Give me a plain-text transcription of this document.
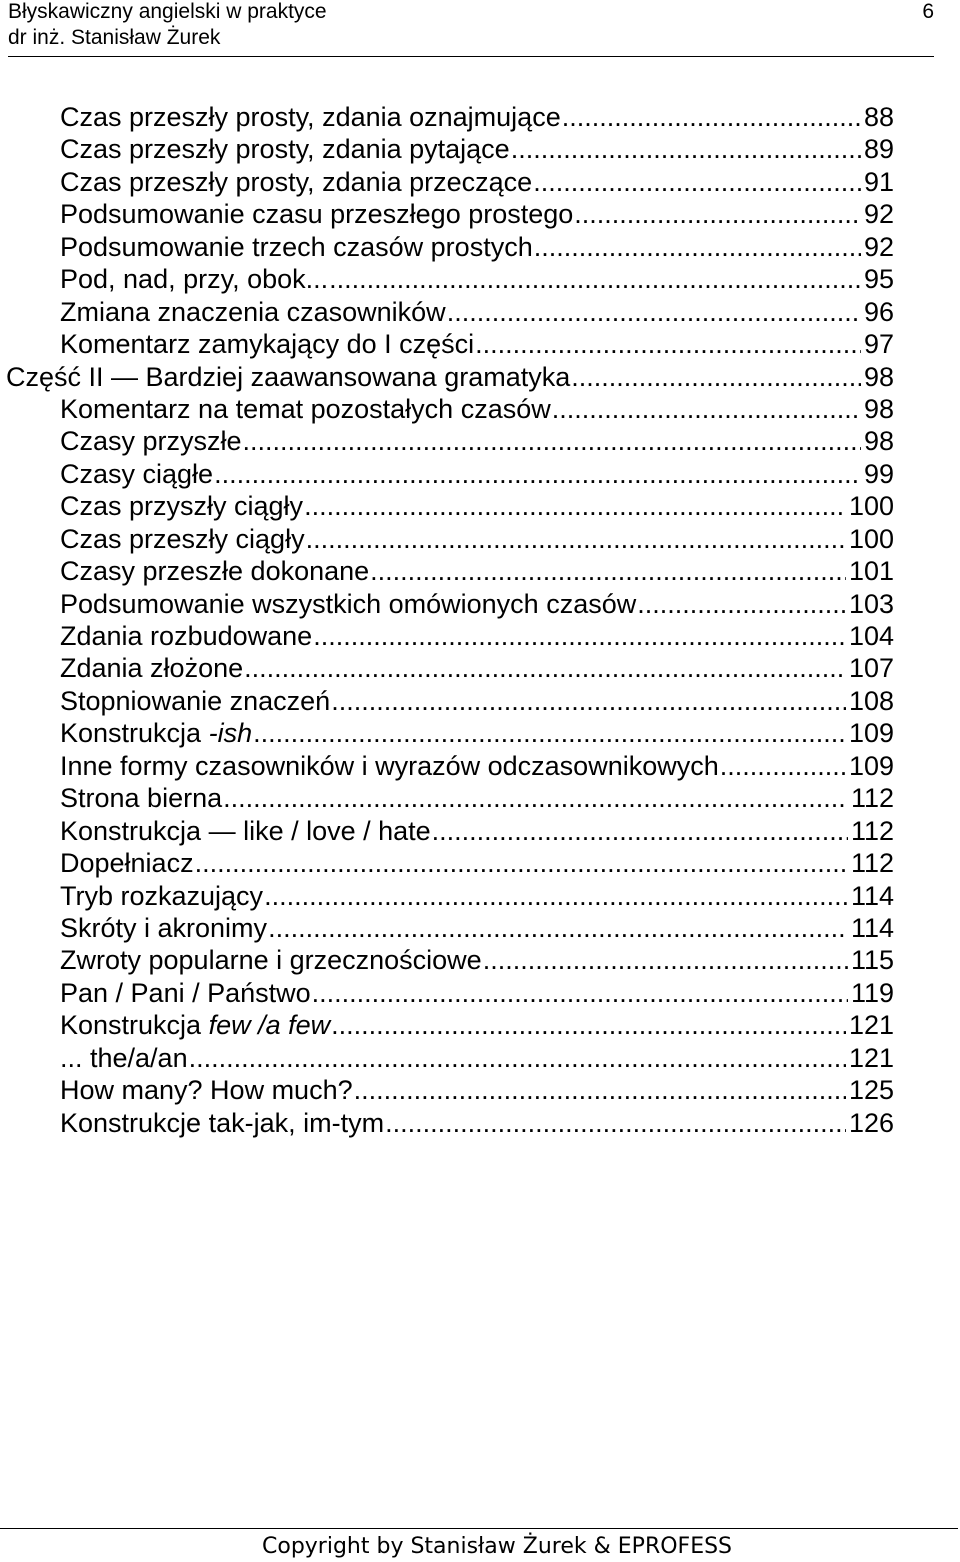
Błyskawiczny angielski w praktyce
dr inż. Stanisław Żurek
6
Czas przeszły prosty, zdania oznajmujące .....	88
Czas przeszły prosty, zdania pytające .....	89
Czas przeszły prosty, zdania przeczące .....	91
Podsumowanie czasu przeszłego prostego .....	92
Podsumowanie trzech czasów prostych .....	92
Pod, nad, przy, obok... .....	95
Zmiana znaczenia czasowników .....	96
Komentarz zamykający do I części .....	97
Część II — Bardziej zaawansowana gramatyka .....	98
Komentarz na temat pozostałych czasów .....	98
Czasy przyszłe .....	98
Czasy ciągłe .....	99
Czas przyszły ciągły .....	100
Czas przeszły ciągły .....	100
Czasy przeszłe dokonane .....	101
Podsumowanie wszystkich omówionych czasów .....	103
Zdania rozbudowane .....	104
Zdania złożone .....	107
Stopniowanie znaczeń .....	108
Konstrukcja -ish .....	109
Inne formy czasowników i wyrazów odczasownikowych .....	109
Strona bierna .....	112
Konstrukcja — like / love / hate .....	112
Dopełniacz .....	112
Tryb rozkazujący .....	114
Skróty i akronimy .....	114
Zwroty popularne i grzecznościowe .....	115
Pan / Pani / Państwo .....	119
Konstrukcja few /a few .....	121
... the/a/an .....	121
How many? How much? .....	125
Konstrukcje tak-jak, im-tym .....	126
Copyright by Stanisław Żurek & EPROFESS
